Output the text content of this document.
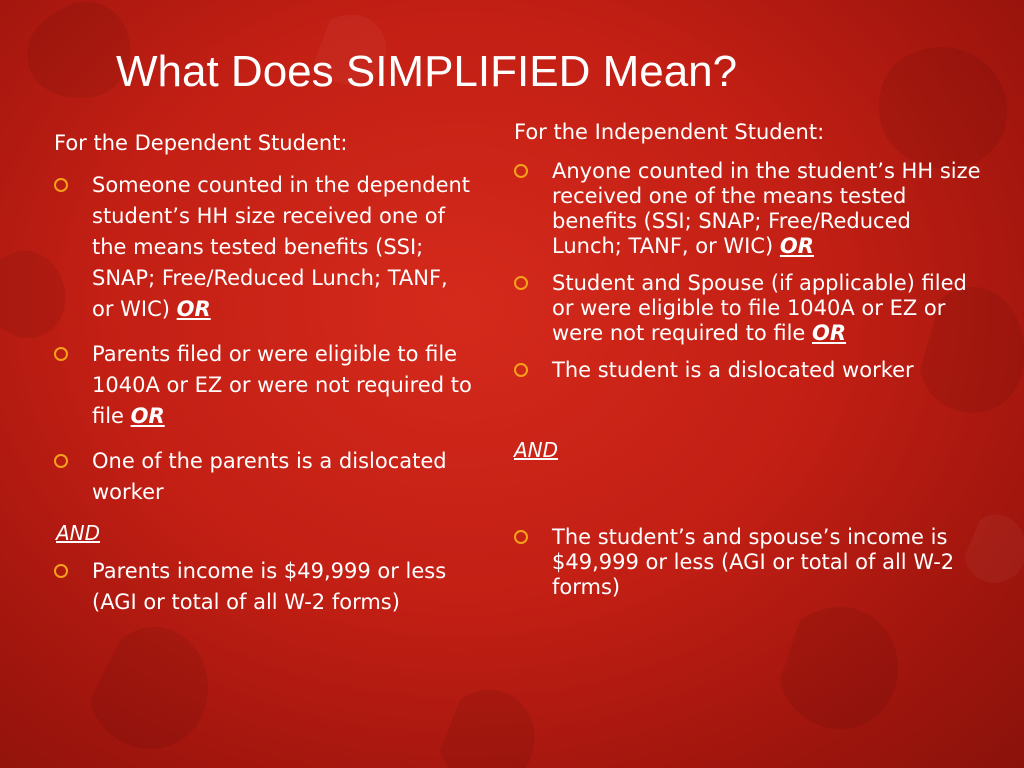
What Does SIMPLIFIED Mean?
For the Dependent Student:
Someone counted in the dependent student’s HH size received one of the means tested benefits (SSI; SNAP; Free/Reduced Lunch; TANF, or WIC) OR
Parents filed or were eligible to file 1040A or EZ or were not required to file OR
One of the parents is a dislocated worker
AND
Parents income is $49,999 or less (AGI or total of all W-2 forms)
For the Independent Student:
Anyone counted in the student’s HH size received one of the means tested benefits (SSI; SNAP; Free/Reduced Lunch; TANF, or WIC) OR
Student and Spouse (if applicable) filed or were eligible to file 1040A or EZ or were not required to file OR
The student is a dislocated worker
AND
The student’s and spouse’s income is $49,999 or less (AGI or total of all W-2 forms)
